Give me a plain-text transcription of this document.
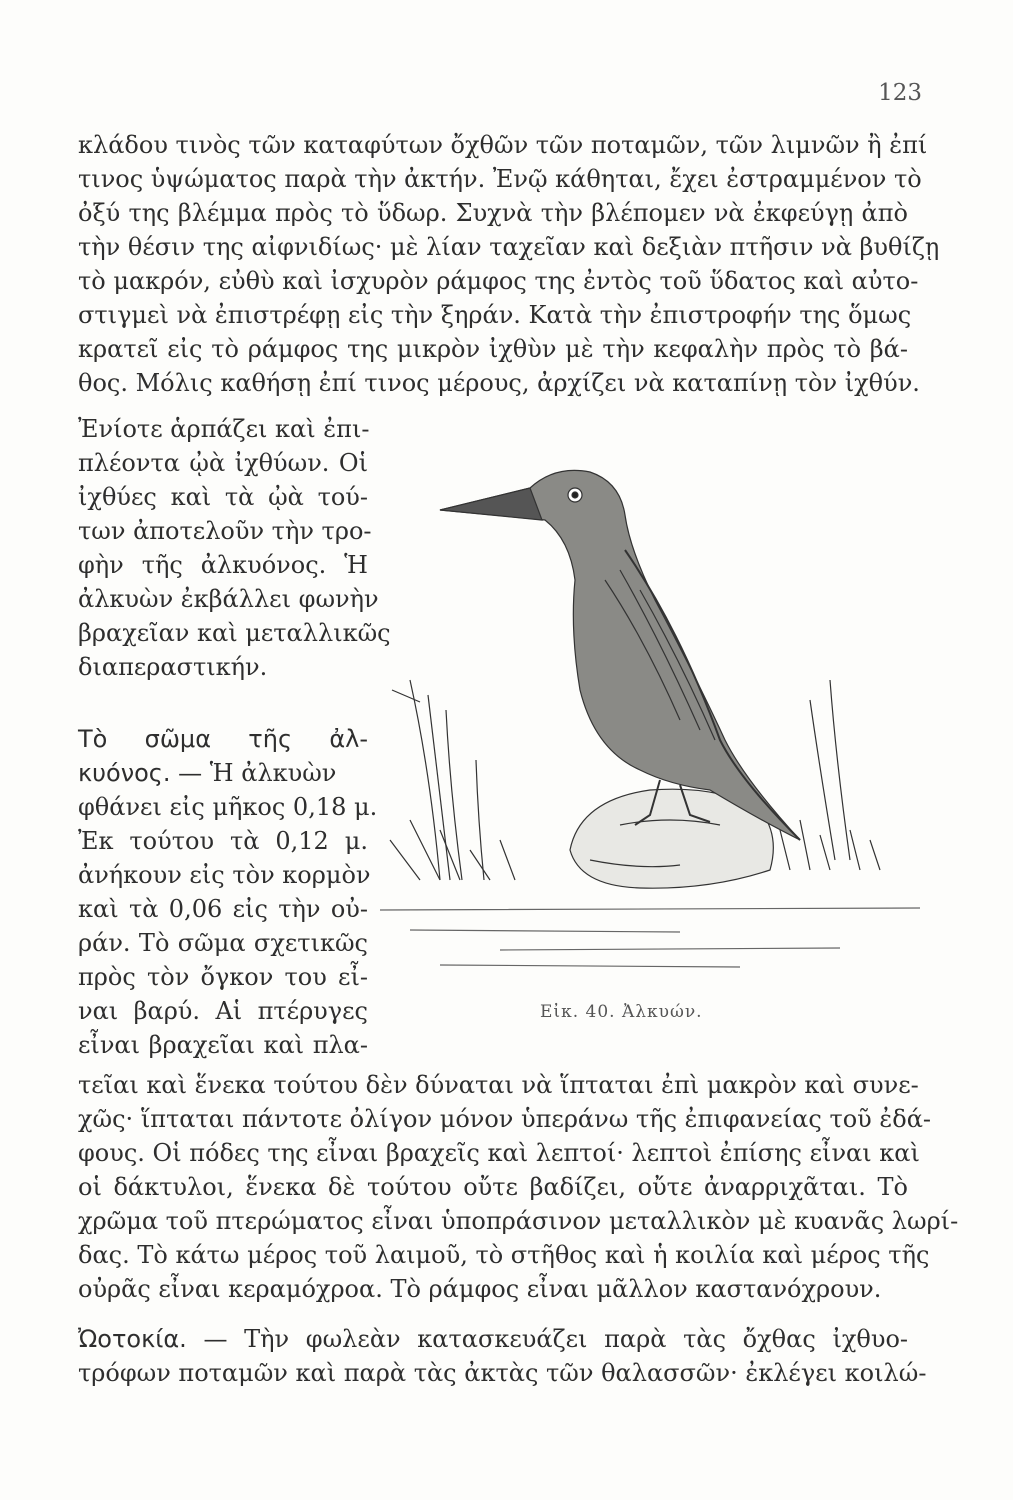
123
κλάδου τινὸς τῶν καταφύτων ὄχθῶν τῶν ποταμῶν, τῶν λιμνῶν ἢ ἐπί
τινος ὑψώματος παρὰ τὴν ἀκτήν. Ἐνῷ κάθηται, ἔχει ἐστραμμένον τὸ
ὀξύ της βλέμμα πρὸς τὸ ὕδωρ. Συχνὰ τὴν βλέπομεν νὰ ἐκφεύγῃ ἀπὸ
τὴν θέσιν της αἰφνιδίως· μὲ λίαν ταχεῖαν καὶ δεξιὰν πτῆσιν νὰ βυθίζῃ
τὸ μακρόν, εὐθὺ καὶ ἰσχυρὸν ράμφος της ἐντὸς τοῦ ὕδατος καὶ αὐτο-
στιγμεὶ νὰ ἐπιστρέφῃ εἰς τὴν ξηράν. Κατὰ τὴν ἐπιστροφήν της ὅμως
κρατεῖ εἰς τὸ ράμφος της μικρὸν ἰχθὺν μὲ τὴν κεφαλὴν πρὸς τὸ βά-
θος. Μόλις καθήσῃ ἐπί τινος μέρους, ἀρχίζει νὰ καταπίνῃ τὸν ἰχθύν.
Ἐνίοτε ἁρπάζει καὶ ἐπι-
πλέοντα ᾠὰ ἰχθύων. Οἱ
ἰχθύες καὶ τὰ ᾠὰ τού-
των ἀποτελοῦν τὴν τρο-
φὴν τῆς ἀλκυόνος. Ἡ
ἀλκυὼν ἐκβάλλει φωνὴν
βραχεῖαν καὶ μεταλλικῶς
διαπεραστικήν.
Τὸ σῶμα τῆς ἀλ-
κυόνος. — Ἡ ἀλκυὼν
φθάνει εἰς μῆκος 0,18 μ.
Ἐκ τούτου τὰ 0,12 μ.
ἀνήκουν εἰς τὸν κορμὸν
καὶ τὰ 0,06 εἰς τὴν οὐ-
ράν. Τὸ σῶμα σχετικῶς
πρὸς τὸν ὄγκον του εἶ-
ναι βαρύ. Αἱ πτέρυγες
εἶναι βραχεῖαι καὶ πλα-
τεῖαι καὶ ἕνεκα τούτου δὲν δύναται νὰ ἵπταται ἐπὶ μακρὸν καὶ συνε-
χῶς· ἵπταται πάντοτε ὀλίγον μόνον ὑπεράνω τῆς ἐπιφανείας τοῦ ἐδά-
φους. Οἱ πόδες της εἶναι βραχεῖς καὶ λεπτοί· λεπτοὶ ἐπίσης εἶναι καὶ
οἱ δάκτυλοι, ἕνεκα δὲ τούτου οὔτε βαδίζει, οὔτε ἀναρριχᾶται. Τὸ
χρῶμα τοῦ πτερώματος εἶναι ὑποπράσινον μεταλλικὸν μὲ κυανᾶς λωρί-
δας. Τὸ κάτω μέρος τοῦ λαιμοῦ, τὸ στῆθος καὶ ἡ κοιλία καὶ μέρος τῆς
οὐρᾶς εἶναι κεραμόχροα. Τὸ ράμφος εἶναι μᾶλλον καστανόχρουν.
Ὠοτοκία. — Τὴν φωλεὰν κατασκευάζει παρὰ τὰς ὄχθας ἰχθυο-
τρόφων ποταμῶν καὶ παρὰ τὰς ἀκτὰς τῶν θαλασσῶν· ἐκλέγει κοιλώ-
Εἰκ. 40. Ἀλκυών.
